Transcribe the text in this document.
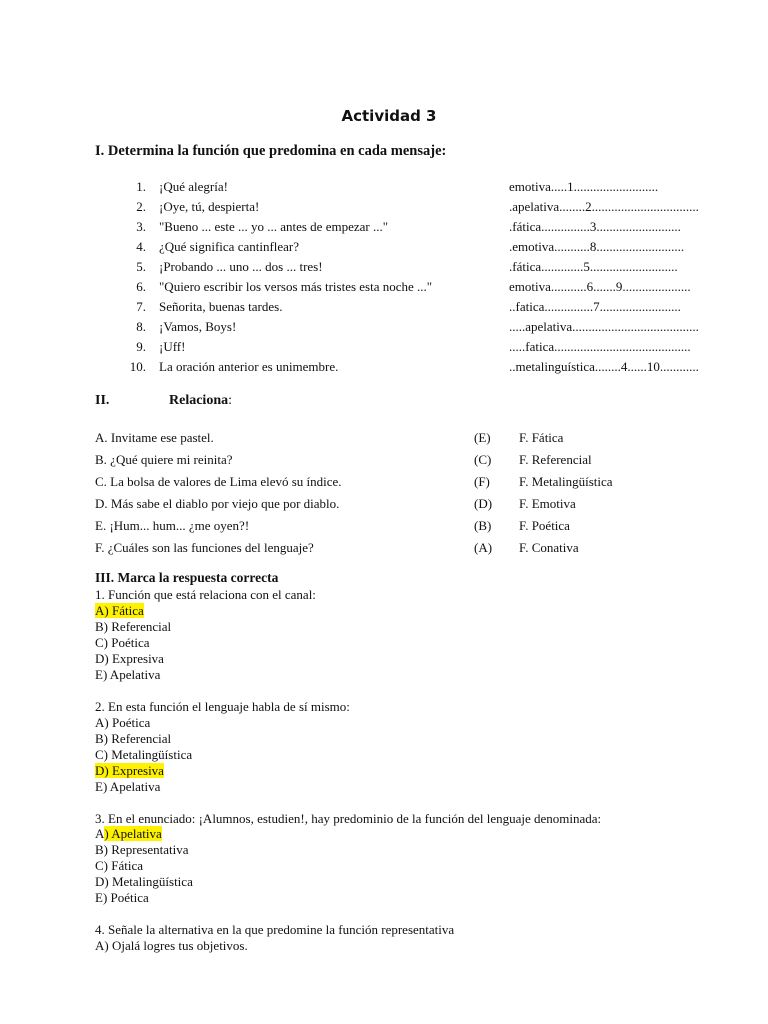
Actividad 3
I. Determina la función que predomina en cada mensaje:
1. ¡Qué alegría!	emotiva.....1..........................
2. ¡Oye, tú, despierta!	.apelativa........2.................................
3. "Bueno ... este ... yo ... antes de empezar ..."	.fática...............3..........................
4. ¿Qué significa cantinflear?	.emotiva...........8...........................
5. ¡Probando ... uno ... dos ... tres!	.fática.............5...........................
6. "Quiero escribir los versos más tristes esta noche ..."	emotiva...........6.......9.....................
7. Señorita, buenas tardes.	..fatica...............7.........................
8. ¡Vamos, Boys!	.....apelativa.......................................
9. ¡Uff!	.....fatica..........................................
10. La oración anterior es unimembre.	..metalinguística........4......10............
II.	Relaciona:
A. Invitame ese pastel.	(E) F. Fática
B. ¿Qué quiere mi reinita?	(C) F. Referencial
C. La bolsa de valores de Lima elevó su índice.	(F) F. Metalingüística
D. Más sabe el diablo por viejo que por diablo.	(D) F. Emotiva
E. ¡Hum... hum... ¿me oyen?!	(B) F. Poética
F. ¿Cuáles son las funciones del lenguaje?	(A) F. Conativa
III. Marca la respuesta correcta
1. Función que está relaciona con el canal:
A) Fática
B) Referencial
C) Poética
D) Expresiva
E) Apelativa
2. En esta función el lenguaje habla de sí mismo:
A) Poética
B) Referencial
C) Metalingüística
D) Expresiva
E) Apelativa
3. En el enunciado: ¡Alumnos, estudien!, hay predominio de la función del lenguaje denominada:
A) Apelativa
B) Representativa
C) Fática
D) Metalingüística
E) Poética
4. Señale la alternativa en la que predomine la función representativa
A) Ojalá logres tus objetivos.
